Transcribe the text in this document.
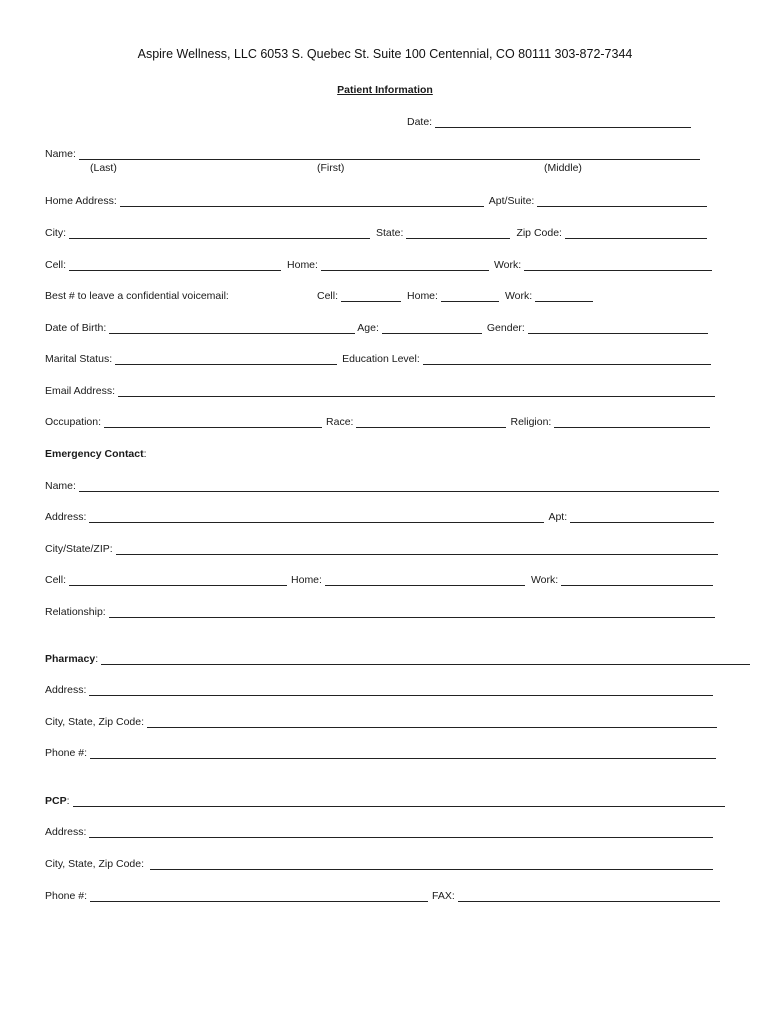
Aspire Wellness, LLC 6053 S. Quebec St. Suite 100 Centennial, CO 80111 303-872-7344
Patient Information
Date:
Name:
(Last)	(First)	(Middle)
Home Address:	Apt/Suite:
City:	State:	Zip Code:
Cell:	Home:	Work:
Best # to leave a confidential voicemail:	Cell:	Home:	Work:
Date of Birth:	Age:	Gender:
Marital Status:	Education Level:
Email Address:
Occupation:	Race:	Religion:
Emergency Contact :
Name:
Address:	Apt:
City/State/ZIP:
Cell:	Home:	Work:
Relationship:
Pharmacy :
Address:
City, State, Zip Code:
Phone #:
PCP :
Address:
City, State, Zip Code:
Phone #:	FAX:
